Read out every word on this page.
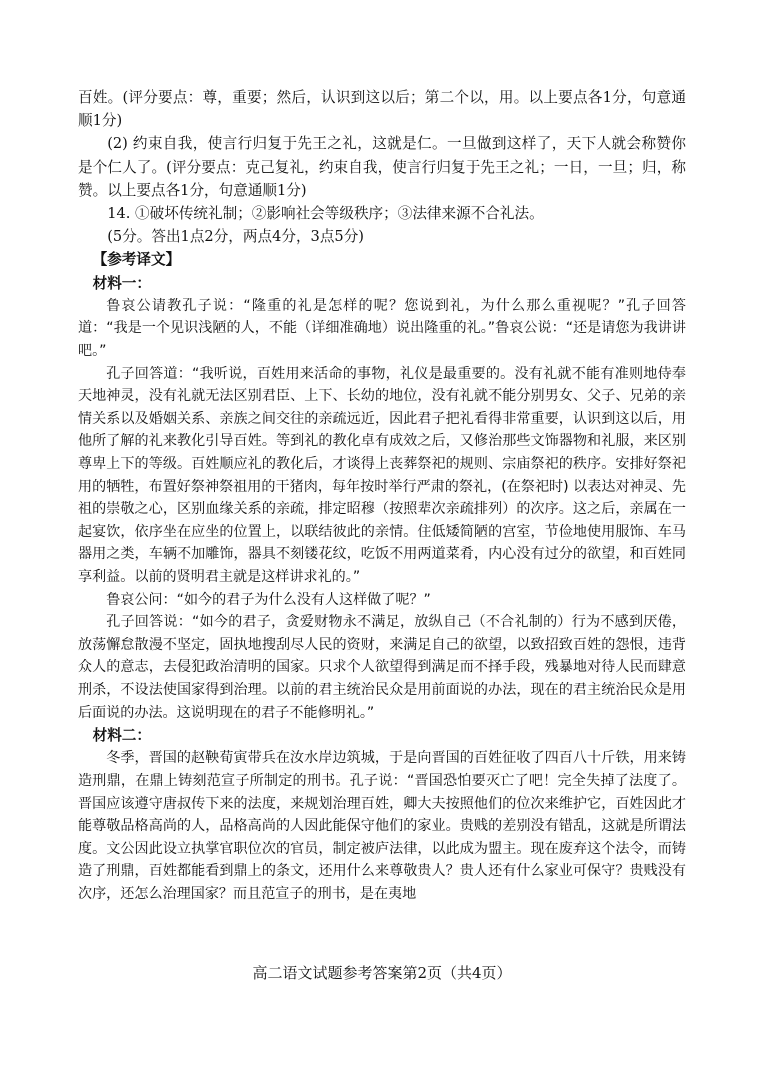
百姓。(评分要点：尊，重要；然后，认识到这以后；第二个以，用。以上要点各1分，句意通顺1分)

(2) 约束自我，使言行归复于先王之礼，这就是仁。一旦做到这样了，天下人就会称赞你是个仁人了。(评分要点：克己复礼，约束自我，使言行归复于先王之礼；一日，一旦；归，称赞。以上要点各1分，句意通顺1分)

14. ①破坏传统礼制；②影响社会等级秩序；③法律来源不合礼法。

(5分。答出1点2分，两点4分，3点5分)

【参考译文】

材料一：

鲁哀公请教孔子说：“隆重的礼是怎样的呢？您说到礼，为什么那么重视呢？”孔子回答道：“我是一个见识浅陋的人，不能（详细准确地）说出隆重的礼。”鲁哀公说：“还是请您为我讲讲吧。”

孔子回答道：“我听说，百姓用来活命的事物，礼仪是最重要的。没有礼就不能有准则地侍奉天地神灵，没有礼就无法区别君臣、上下、长幼的地位，没有礼就不能分别男女、父子、兄弟的亲情关系以及婚姻关系、亲族之间交往的亲疏远近，因此君子把礼看得非常重要，认识到这以后，用他所了解的礼来教化引导百姓。等到礼的教化卓有成效之后，又修治那些文饰器物和礼服，来区别尊卑上下的等级。百姓顺应礼的教化后，才谈得上丧葬祭祀的规则、宗庙祭祀的秩序。安排好祭祀用的牺牲，布置好祭神祭祖用的干猪肉，每年按时举行严肃的祭礼，(在祭祀时) 以表达对神灵、先祖的崇敬之心，区别血缘关系的亲疏，排定昭穆（按照辈次亲疏排列）的次序。这之后，亲属在一起宴饮，依序坐在应坐的位置上，以联结彼此的亲情。住低矮简陋的宫室，节俭地使用服饰、车马器用之类，车辆不加雕饰，器具不刻镂花纹，吃饭不用两道菜肴，内心没有过分的欲望，和百姓同享利益。以前的贤明君主就是这样讲求礼的。”

鲁哀公问：“如今的君子为什么没有人这样做了呢？”

孔子回答说：“如今的君子，贪爱财物永不满足，放纵自己（不合礼制的）行为不感到厌倦，放荡懈怠散漫不坚定，固执地搜刮尽人民的资财，来满足自己的欲望，以致招致百姓的怨恨，违背众人的意志，去侵犯政治清明的国家。只求个人欲望得到满足而不择手段，残暴地对待人民而肆意刑杀，不设法使国家得到治理。以前的君主统治民众是用前面说的办法，现在的君主统治民众是用后面说的办法。这说明现在的君子不能修明礼。”

材料二：

冬季，晋国的赵鞅荀寅带兵在汝水岸边筑城，于是向晋国的百姓征收了四百八十斤铁，用来铸造刑鼎，在鼎上铸刻范宣子所制定的刑书。孔子说：“晋国恐怕要灭亡了吧！完全失掉了法度了。晋国应该遵守唐叔传下来的法度，来规划治理百姓，卿大夫按照他们的位次来维护它，百姓因此才能尊敬品格高尚的人，品格高尚的人因此能保守他们的家业。贵贱的差别没有错乱，这就是所谓法度。文公因此设立执掌官职位次的官员，制定被庐法律，以此成为盟主。现在废弃这个法令，而铸造了刑鼎，百姓都能看到鼎上的条文，还用什么来尊敬贵人？贵人还有什么家业可保守？贵贱没有次序，还怎么治理国家？而且范宣子的刑书，是在夷地

高二语文试题参考答案第2页（共4页）
